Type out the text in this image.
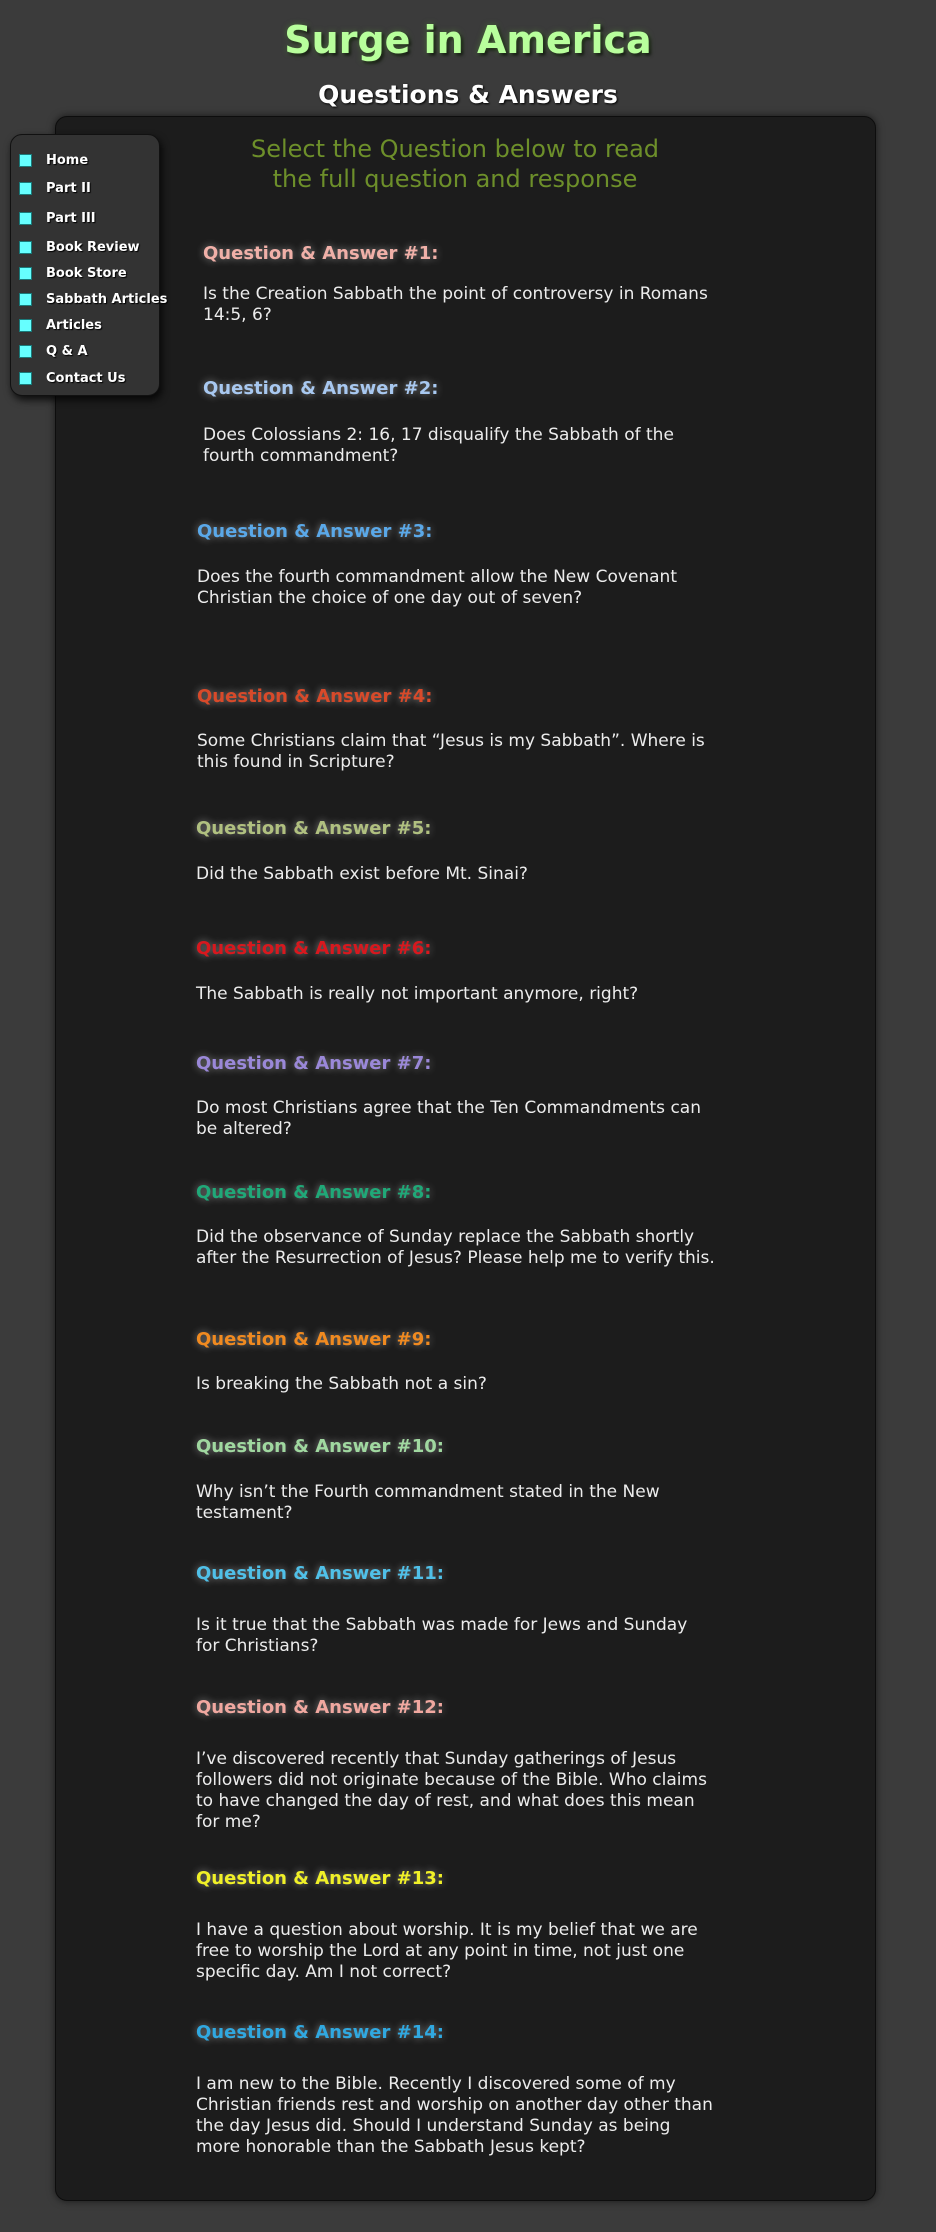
Surge in America
Questions & Answers
Select the Question below to read
the full question and response
Home
Part II
Part III
Book Review
Book Store
Sabbath Articles
Articles
Q & A
Contact Us
Question & Answer #1:
Is the Creation Sabbath the point of controversy in Romans 14:5, 6?
Question & Answer #2:
Does Colossians 2: 16, 17 disqualify the Sabbath of the fourth commandment?
Question & Answer #3:
Does the fourth commandment allow the New Covenant Christian the choice of one day out of seven?
Question & Answer #4:
Some Christians claim that “Jesus is my Sabbath”. Where is this found in Scripture?
Question & Answer #5:
Did the Sabbath exist before Mt. Sinai?
Question & Answer #6:
The Sabbath is really not important anymore, right?
Question & Answer #7:
Do most Christians agree that the Ten Commandments can be altered?
Question & Answer #8:
Did the observance of Sunday replace the Sabbath shortly after the Resurrection of Jesus? Please help me to verify this.
Question & Answer #9:
Is breaking the Sabbath not a sin?
Question & Answer #10:
Why isn’t the Fourth commandment stated in the New testament?
Question & Answer #11:
Is it true that the Sabbath was made for Jews and Sunday for Christians?
Question & Answer #12:
I’ve discovered recently that Sunday gatherings of Jesus followers did not originate because of the Bible. Who claims to have changed the day of rest, and what does this mean for me?
Question & Answer #13:
I have a question about worship. It is my belief that we are free to worship the Lord at any point in time, not just one specific day. Am I not correct?
Question & Answer #14:
I am new to the Bible. Recently I discovered some of my Christian friends rest and worship on another day other than the day Jesus did. Should I understand Sunday as being more honorable than the Sabbath Jesus kept?
